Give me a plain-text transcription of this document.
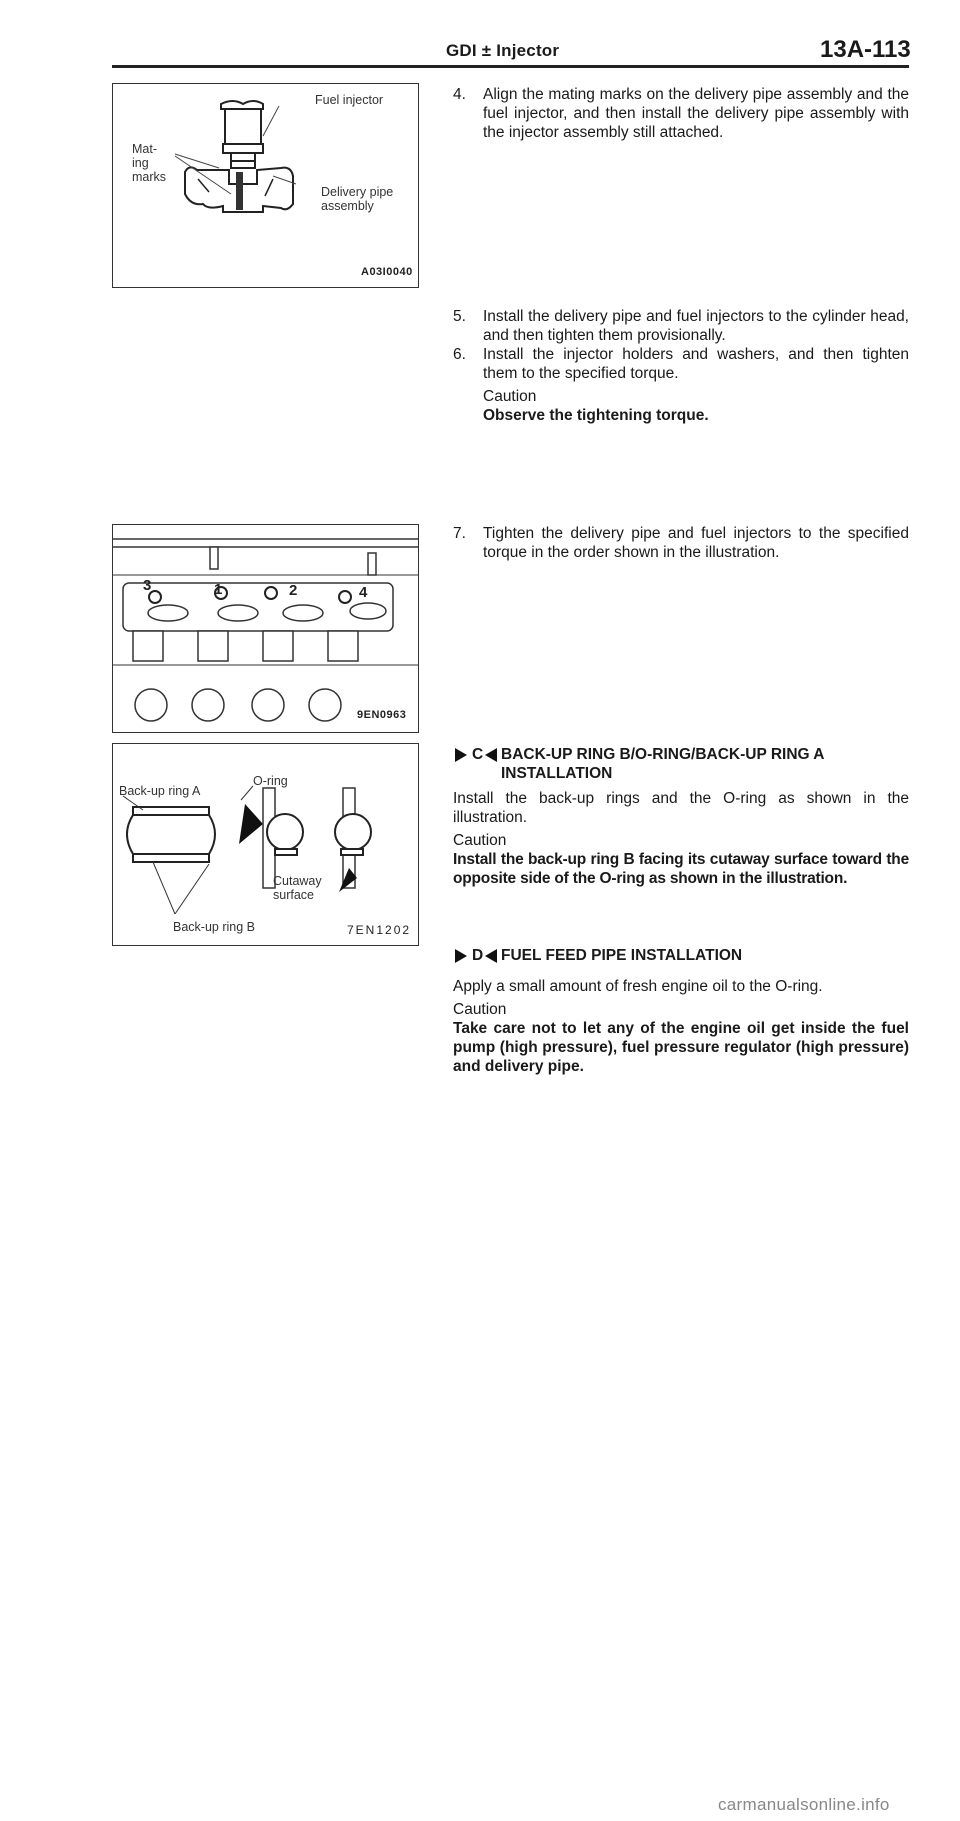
GDI ± Injector	13A-113
Fuel injector
Mat-
ing
marks
Delivery pipe
assembly
A03I0040
3	1	2	4
9EN0963
Back-up ring A
O-ring
Cutaway
surface
Back-up ring B	7EN1202
4. Align the mating marks on the delivery pipe assembly and the fuel injector, and then install the delivery pipe assembly with the injector assembly still attached.
5. Install the delivery pipe and fuel injectors to the cylinder head, and then tighten them provisionally.
6. Install the injector holders and washers, and then tighten them to the specified torque.
Caution
Observe the tightening torque.
7. Tighten the delivery pipe and fuel injectors to the specified torque in the order shown in the illustration.
C BACK-UP RING B/O-RING/BACK-UP RING A
INSTALLATION
Install the back-up rings and the O-ring as shown in the illustration.
Caution
Install the back-up ring B facing its cutaway surface toward the opposite side of the O-ring as shown in the illustration.
D FUEL FEED PIPE INSTALLATION
Apply a small amount of fresh engine oil to the O-ring.
Caution
Take care not to let any of the engine oil get inside the fuel pump (high pressure), fuel pressure regulator (high pressure) and delivery pipe.
carmanualsonline.info
